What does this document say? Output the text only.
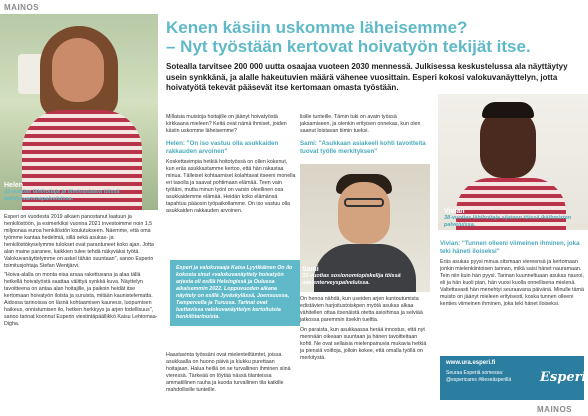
MAINOS
Helen
33-vuotias lähihoitaja ja tiimivastaava töissä kehitysvammapalveluissa.
Kenen käsiin uskomme läheisemme?
– Nyt työstään kertovat hoivatyön tekijät itse.
Sotealla tarvitsee 200 000 uutta osaajaa vuoteen 2030 mennessä. Julkisessa keskustelussa ala näyttäytyy usein synkkänä, ja alalle hakeutuvien määrä vähenee vuosittain. Esperi kokosi valokuvanäyttelyn, jotta hoivatyötä tekevät pääsevät itse kertomaan omasta työstään.
Esperi on vuodesta 2019 alkaen panostanut laatuun ja henkilöstöön, ja esimerkiksi vuonna 2021 investoimme noin 1,5 miljoonaa euroa henkilöstön koulutukseen. Näemme, että oma työmme kantaa hedelmiä, sillä sekä asukas- ja henkilöstökyselymme tulokset ovat parantuneet koko ajan. Jotta alan maine paranee, kaikkien tulee tehdä näkyväksi työtä. Valokuvanäyttelymme on askel tähän suuntaan", sanoo Esperin toimitusjohtaja Stefan Wentjärvi.
"Hoiva-alalla on monta eisa arsaa rakettuvana ja alaa tällä hetkellä hoivatyöstä saattaa välittyä synkkä kuva. Näyttelyn tavoitteena on antaa alan hoitajille, ja paikoin heidät itse kertomaan hoivatyön iloista ja suruista, mitään kaunistelematta. Aidossa tarinoissa on läsnä kohtaamisen kauneus, luopumisen haikeus, onnistumisen ilo, hetken herkkyys ja arjen todellisuus", sanoo tarinat koonnut Esperin viestintäpäällikkö Kaisu Lehtomaa-Digha.
Millaisia muistoja hoitajille on jäänyt hoivatyöstä kirkkaana mieleen? Keitä ovat nämä ihmiset, joiden käsiin uskomme läheisemme?
Helen: "On iso vastuu olla asukkaiden rakkauden arvoinen"
Koskettavimpia hetkiä hoitotyössä on ollen kokenut, kun eräs asukkastamme kertoo, että hän rakastaa minua. Tälleiset kohtaamiset kolahtavat itseeni monella eri tasolla ja saavat pohtimaan elämää. Teen vain työtäni, mutta minun työni on varsin oleellinen osa asukkaidemme elämää. Heidän koko elämänsä tapahtuu pääosin työpaikollamme. On iso vastuu olla asukkaiden rakkauden arvoinen.
Esperi ja valokuvaaja Kaisa Lyytikäinen On ilo kokosta sinut «valokuvanäyttely hoivatyön arjesta oli esillä Helsingissä ja Oulussa aikaisemmin 2022. Loppuvuoden aikana näyttely on esillä Jyväskylässä, Joensuussa, Tampereella ja Turussa. Tarinat ovat luettavissa valokuvanäyttelyn kertoituista henkilötarinoista.
Haastavinta työssäni ovat mielenteiltämtet, joissa asukkaalla on huono päivä ja kiukku purettaan hoitajaan. Halua heillä on se turvallinen ihminen siinä vieressä. Tärkeää on löytää nässä tilanteissa ammatillinen rauha ja kuoda turvallinen tila kaikille mahdollisille tunteille.
lisille tunteille. Tämin tuki on avain työssä jaksamiseen, ja olenkin erityisen onnekas, kun olen saanut loistavan tiimin tueksi.
Sami: "Asukkaan asiakeeli kohti tavoitteita tuovat työlle merkityksen"
Sami
33-vuotias sosionomiopiskelija töissä mielenterveyspalveluissa.
On henoa nähdä, kun useiden arjen kuntoutumista edistävien harjoitustoiskpen myötä asukas alkaa vähitellen ottaa itsenäistä otetta asioihinsa ja selviää jatkossa paremmin itsekin tueltta.
On paraista, kun asukkaassa herää innostus, että nyt mennään oikeaan suuntaan ja hänen tavoitteitaan kohti. Ne ovat sellaisia mielenpainuvia mukavia hetkiä ja piensiä voittoja, jolloin kokee, että omalla työllä on merkitystä.
Vivian
38-vuotias lähihoitaja sijainen töissä ikäihmisten palveluissa.
Vivian: "Tunnen olleeni viimeinen ihminen, joka teki häneti iloiseksi"
Eräs asukas pyysi minua sitsmaan viereensä ja kertomaan jonkin mielenkiintoisen tarinan, mikä saisi hänet nauramaan. Tein niin kuin hän pyysi. Tarinan kuunneltuaan asukas nauroi, eli ja hän kuoli pian, hän vuosi kuolla onnellisena mielenä. Valtettavasti hän menehtyi seuraavana päivänä. Minulle tämä muisto on jäänyt mieleen erityisesti, koska tunnen olleeni kenties viimeinen ihminen, joka teki hänet iloiseksi.
www.ura.esperi.fi
Seuraa Esperiä somessa:
@espericares #ilieseäsperillä	Esperi
MAINOS
